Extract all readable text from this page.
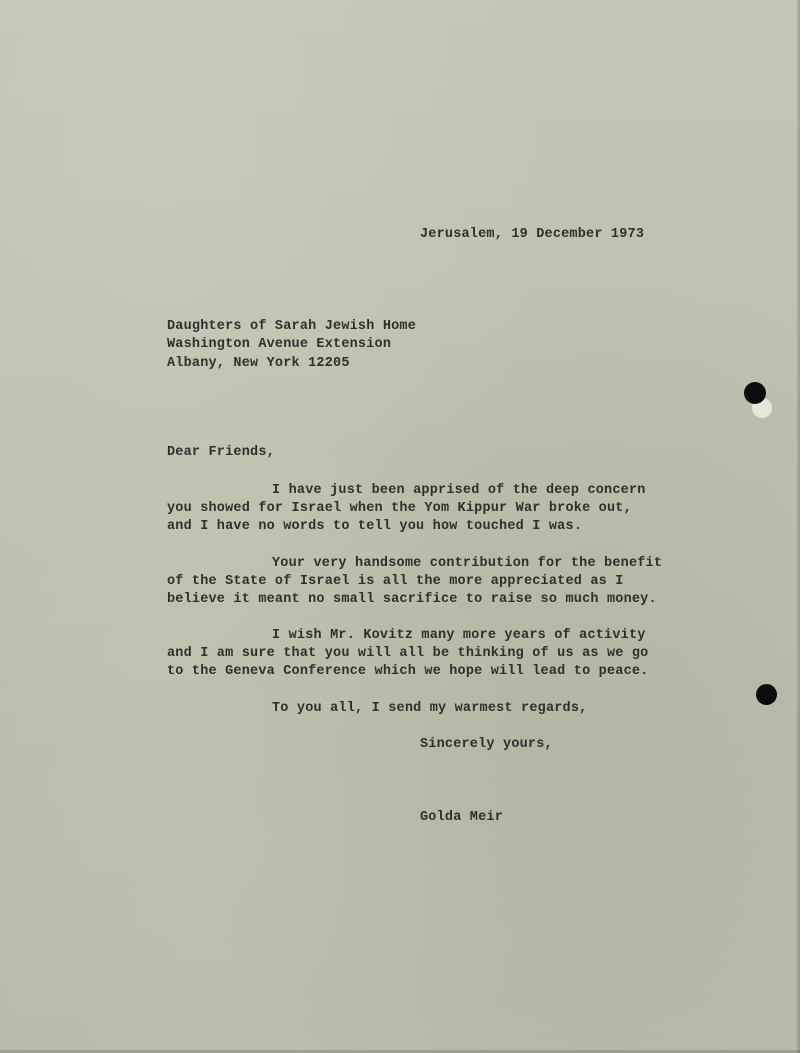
Jerusalem, 19 December 1973
Daughters of Sarah Jewish Home
Washington Avenue Extension
Albany, New York 12205
Dear Friends,
I have just been apprised of the deep concern
you showed for Israel when the Yom Kippur War broke out,
and I have no words to tell you how touched I was.
Your very handsome contribution for the benefit
of the State of Israel is all the more appreciated as I
believe it meant no small sacrifice to raise so much money.
I wish Mr. Kovitz many more years of activity
and I am sure that you will all be thinking of us as we go
to the Geneva Conference which we hope will lead to peace.
To you all, I send my warmest regards,
Sincerely yours,
Golda Meir
